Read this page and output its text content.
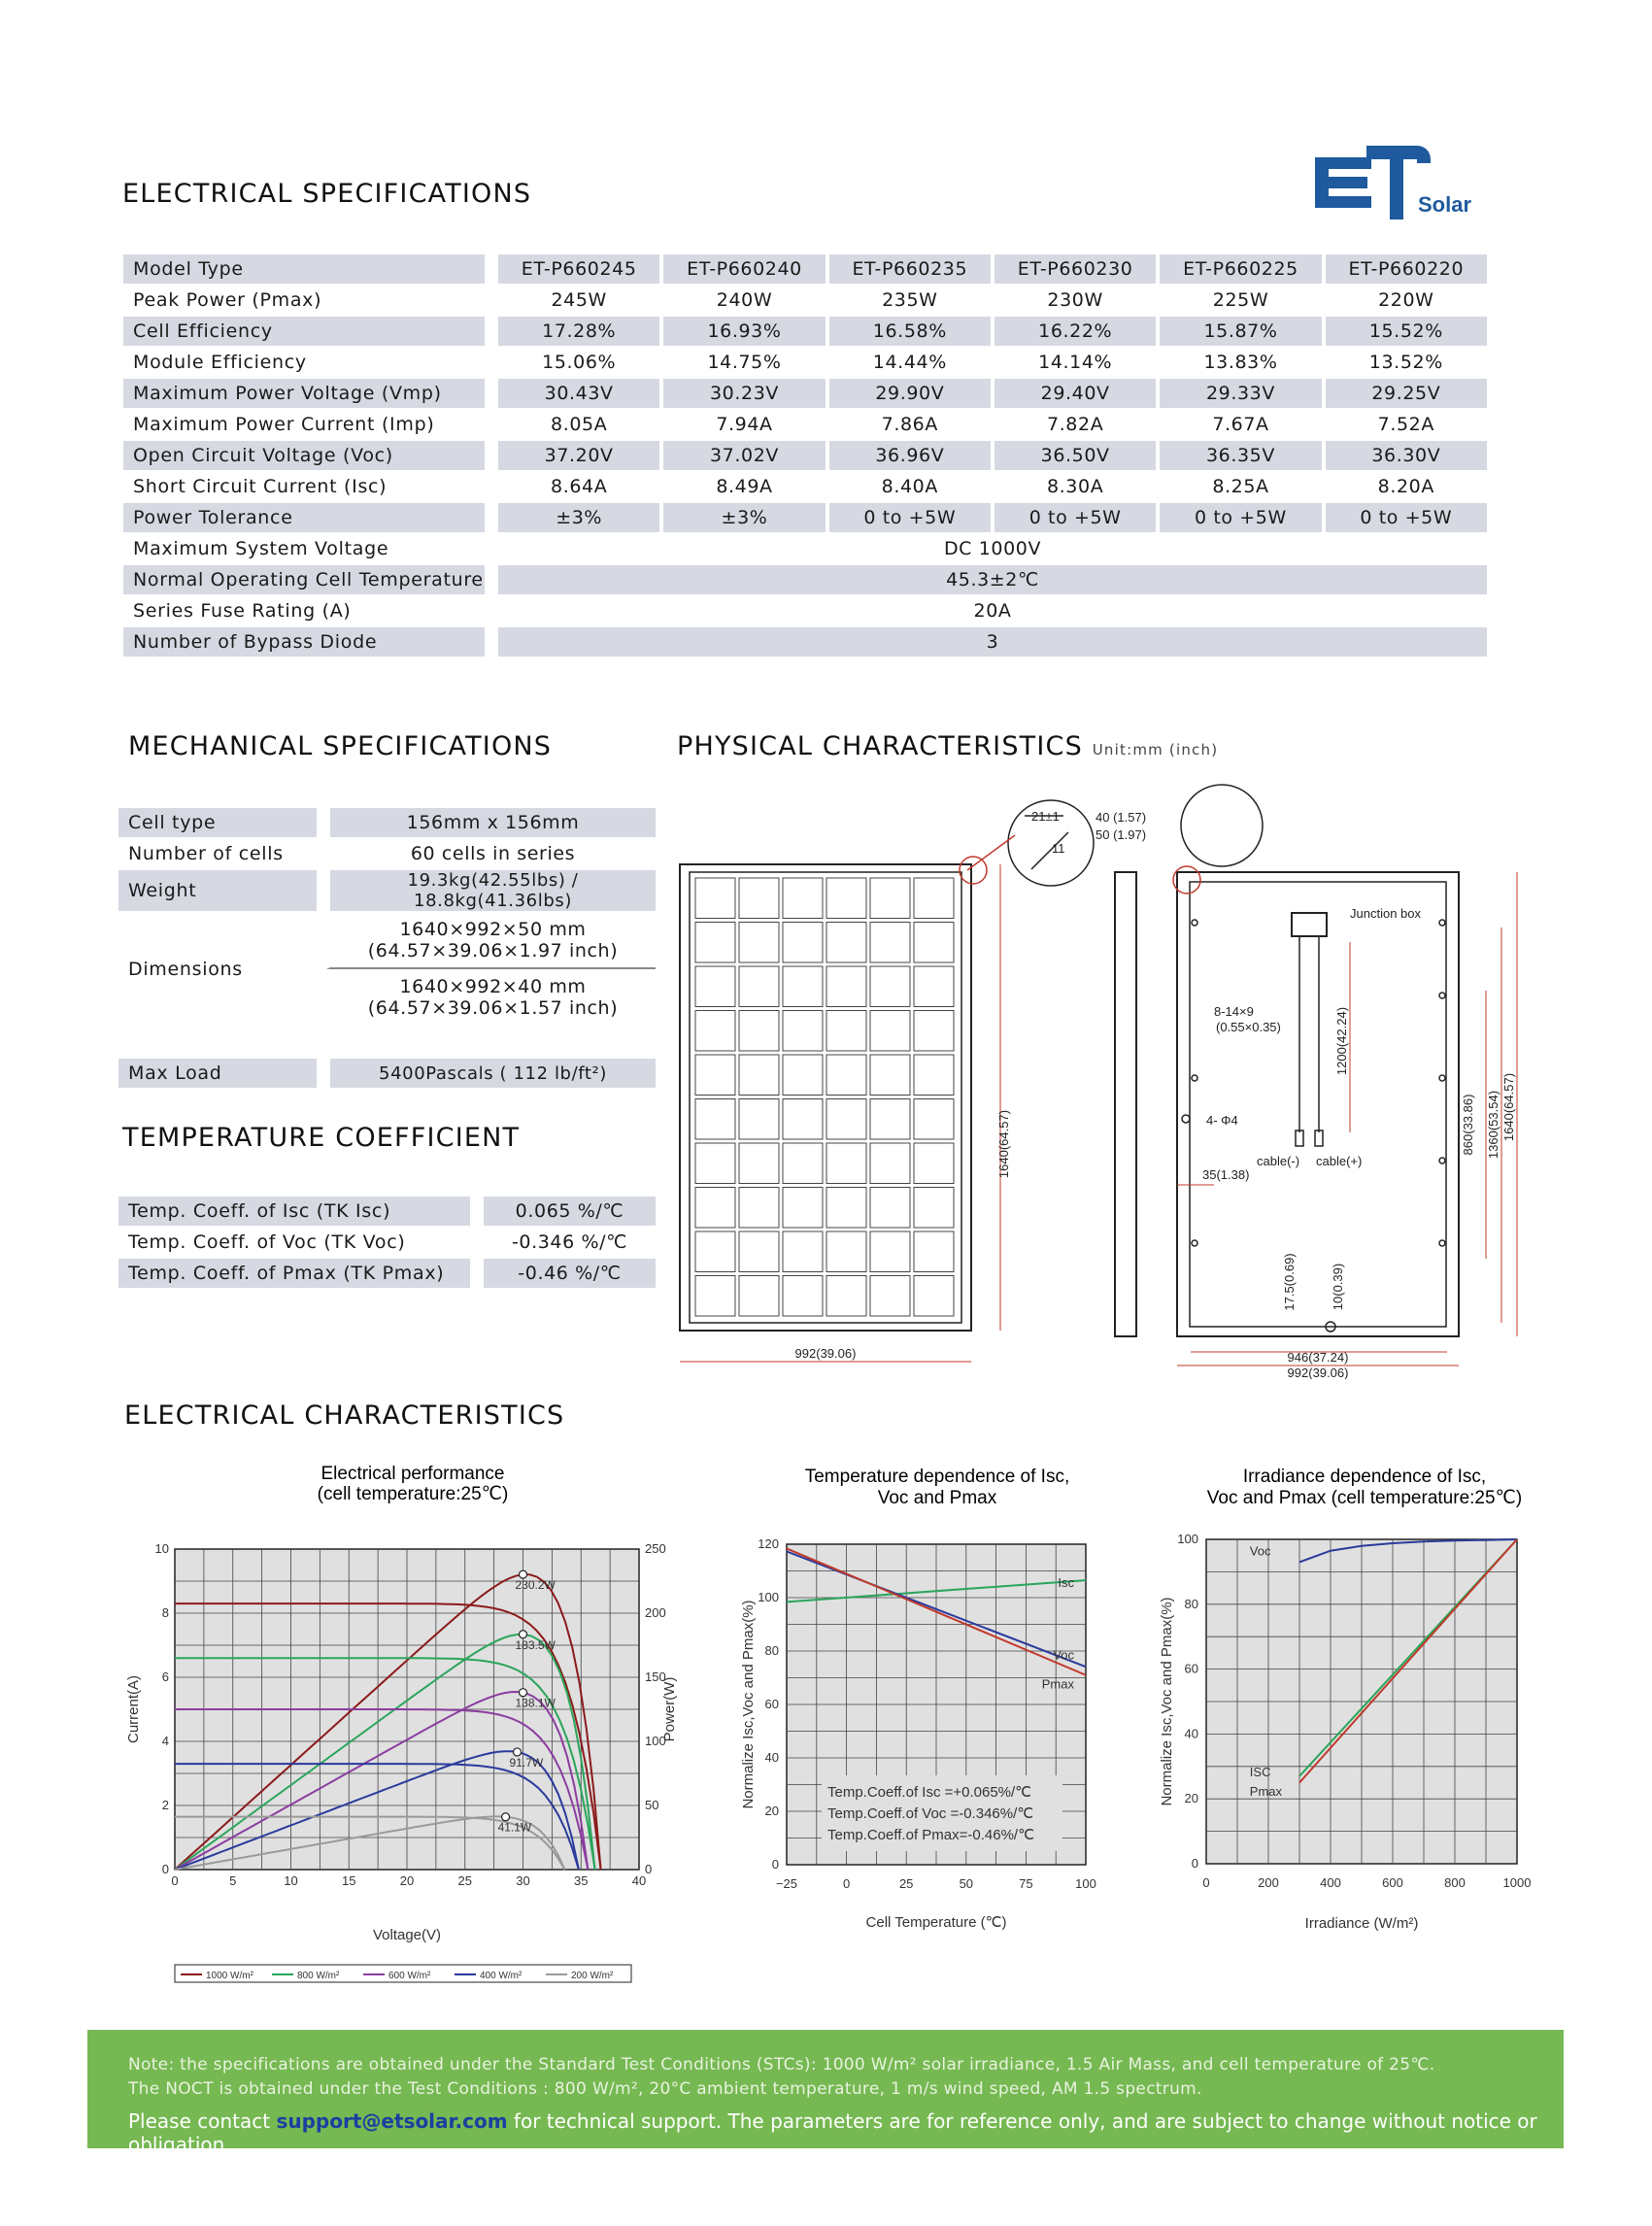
Solar
ELECTRICAL SPECIFICATIONS
Model Type		ET-P660245	ET-P660240	ET-P660235	ET-P660230	ET-P660225	ET-P660220
Peak Power (Pmax)		245W	240W	235W	230W	225W	220W
Cell Efficiency		17.28%	16.93%	16.58%	16.22%	15.87%	15.52%
Module Efficiency		15.06%	14.75%	14.44%	14.14%	13.83%	13.52%
Maximum Power Voltage (Vmp)		30.43V	30.23V	29.90V	29.40V	29.33V	29.25V
Maximum Power Current (Imp)		8.05A	7.94A	7.86A	7.82A	7.67A	7.52A
Open Circuit Voltage (Voc)		37.20V	37.02V	36.96V	36.50V	36.35V	36.30V
Short Circuit Current (Isc)		8.64A	8.49A	8.40A	8.30A	8.25A	8.20A
Power Tolerance		±3%	±3%	0 to +5W	0 to +5W	0 to +5W	0 to +5W
Maximum System Voltage		DC 1000V					
Normal Operating Cell Temperature		45.3±2℃					
Series Fuse Rating (A)		20A					
Number of Bypass Diode		3					
MECHANICAL SPECIFICATIONS
Cell type		156mm x 156mm
Number of cells		60 cells in series
Weight		19.3kg(42.55lbs) / 18.8kg(41.36lbs)
Dimensions		1640×992×50 mm
(64.57×39.06×1.97 inch)

		1640×992×40 mm
(64.57×39.06×1.57 inch)

Max Load		5400Pascals ( 112 lb/ft²)
TEMPERATURE COEFFICIENT
Temp. Coeff. of Isc (TK Isc)		0.065 %/℃
Temp. Coeff. of Voc (TK Voc)		-0.346 %/℃
Temp. Coeff. of Pmax (TK Pmax)		-0.46 %/℃
PHYSICAL CHARACTERISTICS Unit:mm (inch)
21±1
11
40 (1.57)
50 (1.97)
1640(64.57)
992(39.06)
Junction box
8-14×9
(0.55×0.35)	1200(42.24)
4- Φ4
cable(-) cable(+)
35(1.38)
17.5(0.69)	10(0.39)
860(33.86) 1360(53.54) 1640(64.57)
946(37.24)
992(39.06)
ELECTRICAL CHARACTERISTICS
Electrical performance
(cell temperature:25℃)
0	5	10	15	20	25	30	35	40
0
2
4
6
8
10
0
50
100
150
200
250
Voltage(V)
Current(A)	Power(W)
230.2W
183.5W
138.1W
91.7W
41.1W
1000 W/m²	800 W/m²	600 W/m²	400 W/m²	200 W/m²
Temperature dependence of Isc,
Voc and Pmax
−25	0	25	50	75	100
0
20
40
60
80
100
120
Cell Temperature (℃)
Normalize Isc,Voc and Pmax(%)
Isc
Voc
Pmax
Temp.Coeff.of Isc =+0.065%/℃
Temp.Coeff.of Voc =-0.346%/℃
Temp.Coeff.of Pmax=-0.46%/℃
Irradiance dependence of Isc,
Voc and Pmax (cell temperature:25℃)
0	200	400	600	800	1000
0
20
40
60
80
100
Irradiance (W/m²)
Normalize Isc,Voc and Pmax(%)
Voc
ISC
Pmax
Note: the specifications are obtained under the Standard Test Conditions (STCs): 1000 W/m² solar irradiance, 1.5 Air Mass, and cell temperature of 25℃.
The NOCT is obtained under the Test Conditions : 800 W/m², 20°C ambient temperature, 1 m/s wind speed, AM 1.5 spectrum.
Please contact support@etsolar.com for technical support. The parameters are for reference only, and are subject to change without notice or obligation.
